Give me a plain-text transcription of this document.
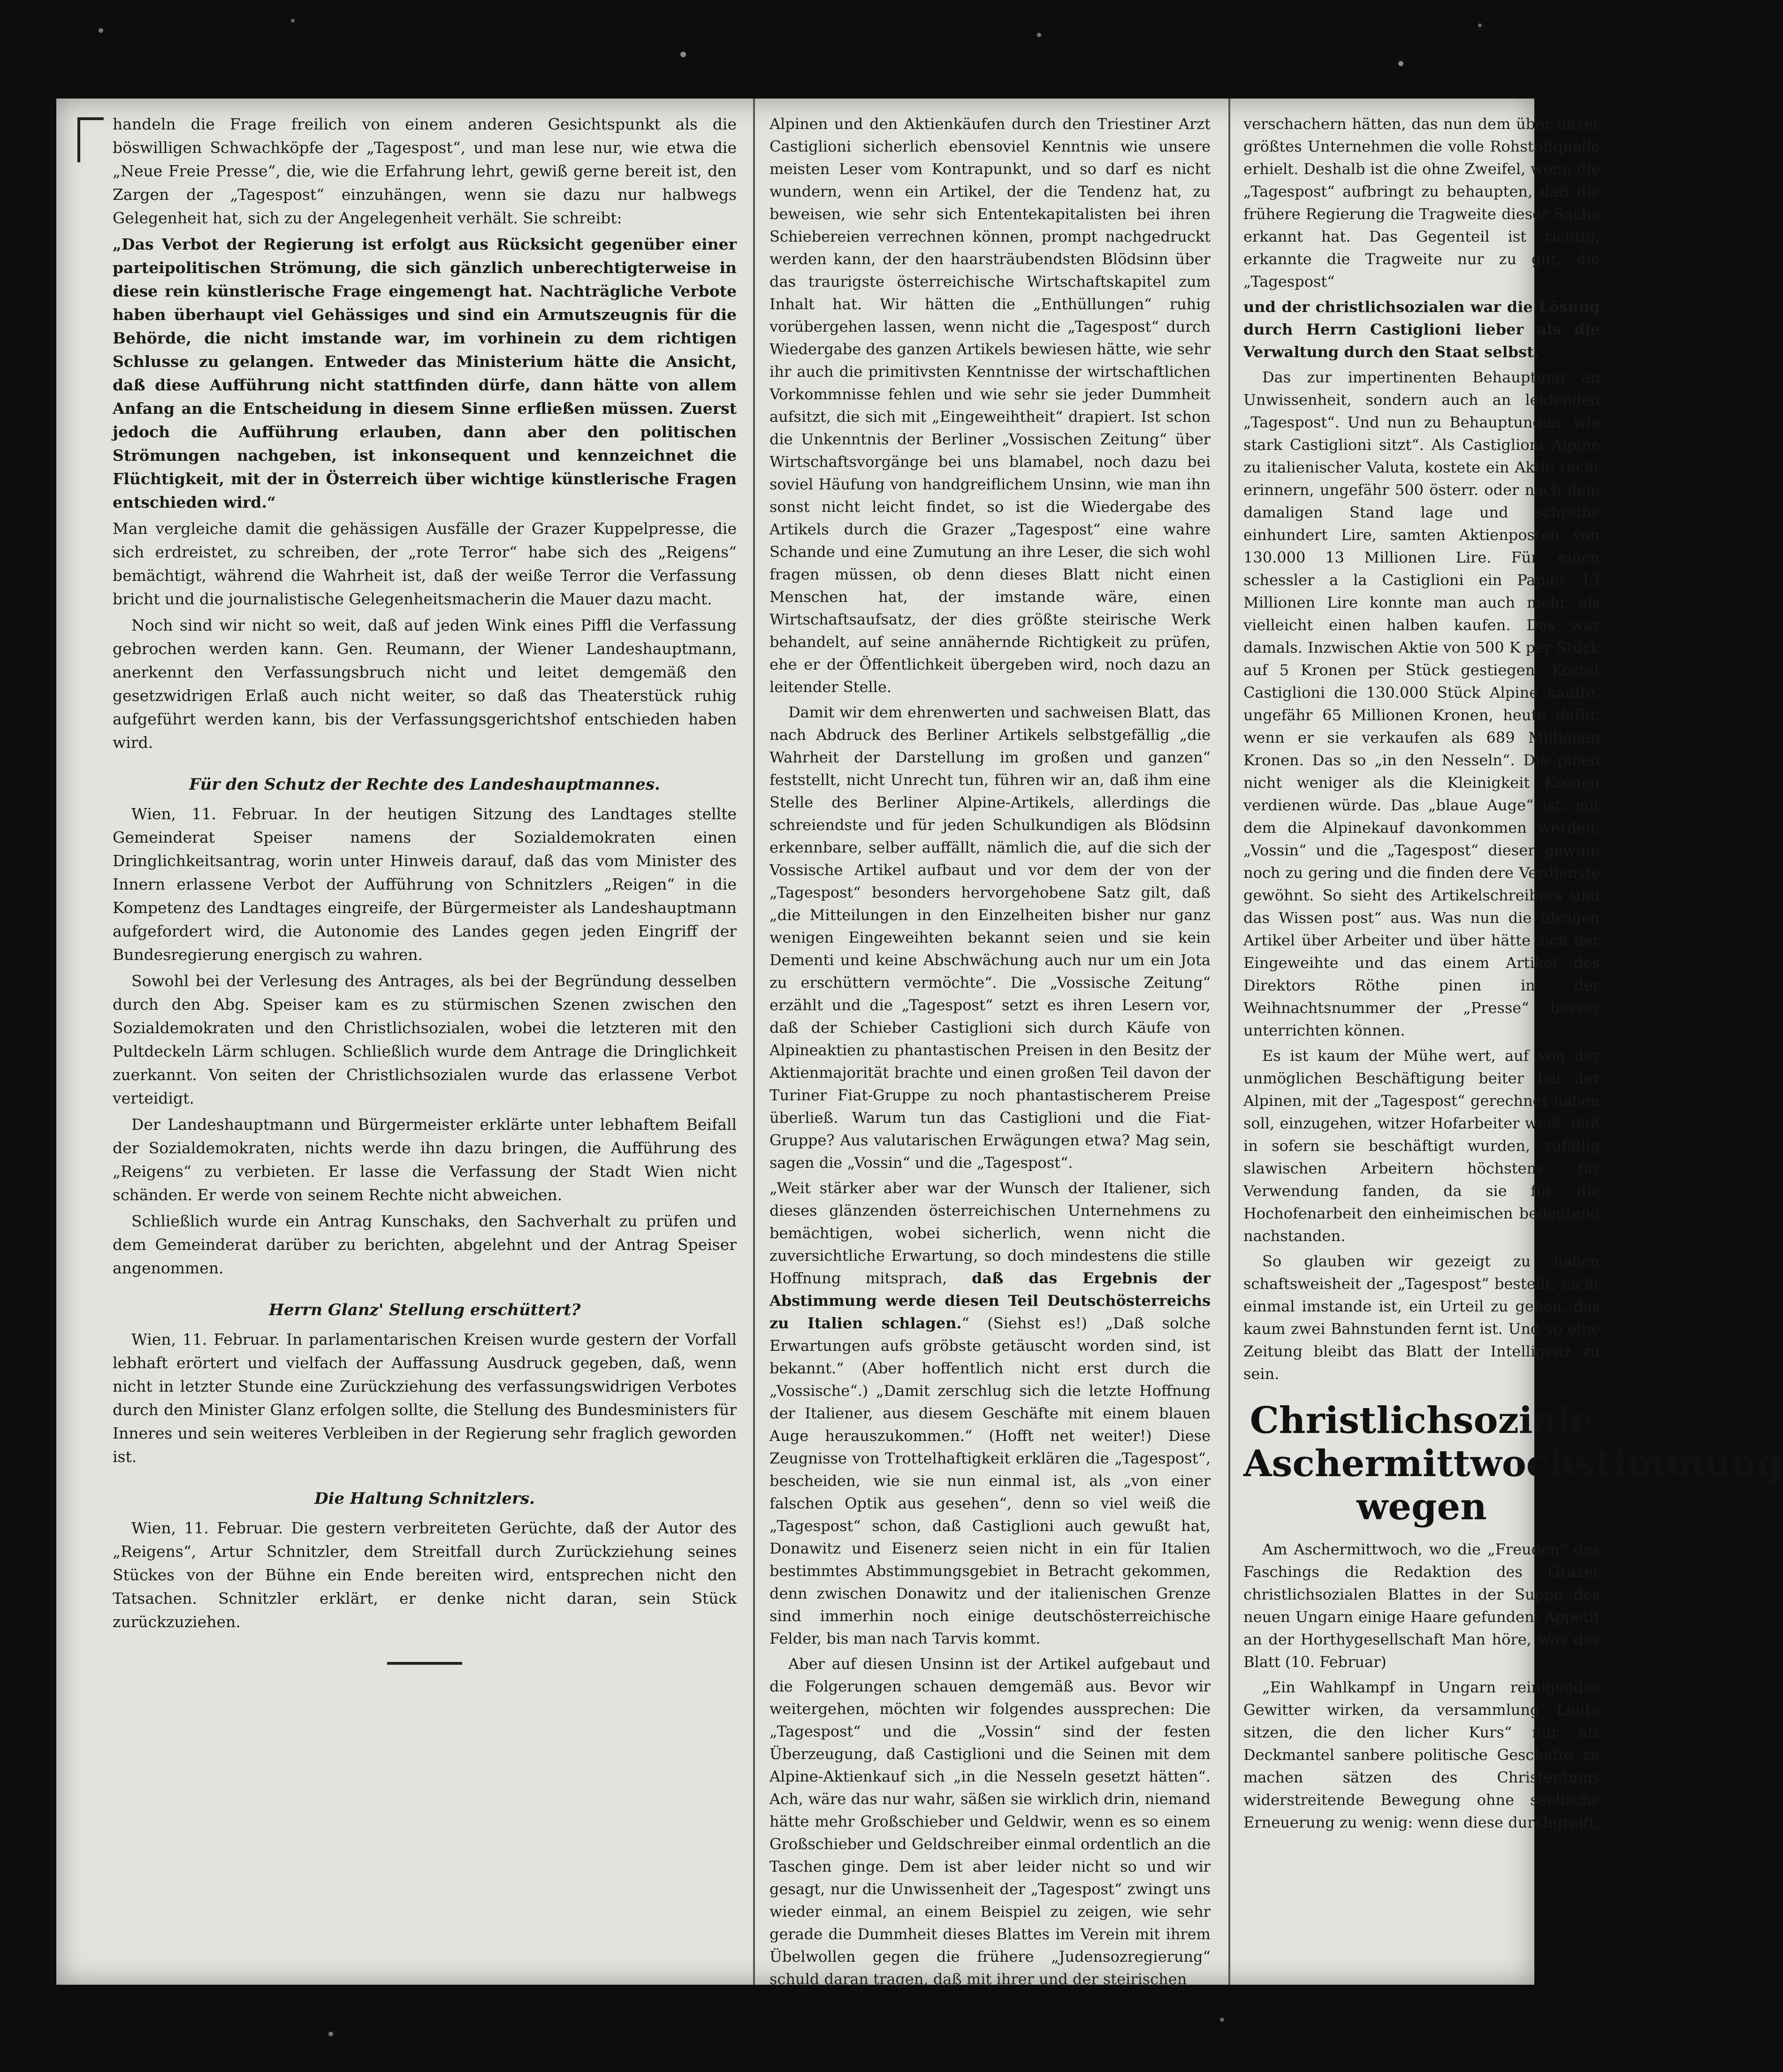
handeln die Frage freilich von einem anderen Gesichtspunkt als die böswilligen Schwachköpfe der „Tagespost“, und man lese nur, wie etwa die „Neue Freie Presse“, die, wie die Erfahrung lehrt, gewiß gerne bereit ist, den Zargen der „Tagespost“ einzuhängen, wenn sie dazu nur halbwegs Gelegenheit hat, sich zu der Angelegenheit verhält. Sie schreibt:

„Das Verbot der Regierung ist erfolgt aus Rücksicht gegenüber einer parteipolitischen Strömung, die sich gänzlich unberechtigterweise in diese rein künstlerische Frage eingemengt hat. Nachträgliche Verbote haben überhaupt viel Gehässiges und sind ein Armutszeugnis für die Behörde, die nicht imstande war, im vorhinein zu dem richtigen Schlusse zu gelangen. Entweder das Ministerium hätte die Ansicht, daß diese Aufführung nicht stattfinden dürfe, dann hätte von allem Anfang an die Entscheidung in diesem Sinne erfließen müssen. Zuerst jedoch die Aufführung erlauben, dann aber den politischen Strömungen nachgeben, ist inkonsequent und kennzeichnet die Flüchtigkeit, mit der in Österreich über wichtige künstlerische Fragen entschieden wird.“

Man vergleiche damit die gehässigen Ausfälle der Grazer Kuppelpresse, die sich erdreistet, zu schreiben, der „rote Terror“ habe sich des „Reigens“ bemächtigt, während die Wahrheit ist, daß der weiße Terror die Verfassung bricht und die journalistische Gelegenheitsmacherin die Mauer dazu macht.

Noch sind wir nicht so weit, daß auf jeden Wink eines Piffl die Verfassung gebrochen werden kann. Gen. Reumann, der Wiener Landeshauptmann, anerkennt den Verfassungsbruch nicht und leitet demgemäß den gesetzwidrigen Erlaß auch nicht weiter, so daß das Theaterstück ruhig aufgeführt werden kann, bis der Verfassungsgerichtshof entschieden haben wird.

Für den Schutz der Rechte des Landeshauptmannes.

Wien, 11. Februar. In der heutigen Sitzung des Landtages stellte Gemeinderat Speiser namens der Sozialdemokraten einen Dringlichkeitsantrag, worin unter Hinweis darauf, daß das vom Minister des Innern erlassene Verbot der Aufführung von Schnitzlers „Reigen“ in die Kompetenz des Landtages eingreife, der Bürgermeister als Landeshauptmann aufgefordert wird, die Autonomie des Landes gegen jeden Eingriff der Bundesregierung energisch zu wahren.

Sowohl bei der Verlesung des Antrages, als bei der Begründung desselben durch den Abg. Speiser kam es zu stürmischen Szenen zwischen den Sozialdemokraten und den Christlichsozialen, wobei die letzteren mit den Pultdeckeln Lärm schlugen. Schließlich wurde dem Antrage die Dringlichkeit zuerkannt. Von seiten der Christlichsozialen wurde das erlassene Verbot verteidigt.

Der Landeshauptmann und Bürgermeister erklärte unter lebhaftem Beifall der Sozialdemokraten, nichts werde ihn dazu bringen, die Aufführung des „Reigens“ zu verbieten. Er lasse die Verfassung der Stadt Wien nicht schänden. Er werde von seinem Rechte nicht abweichen.

Schließlich wurde ein Antrag Kunschaks, den Sachverhalt zu prüfen und dem Gemeinderat darüber zu berichten, abgelehnt und der Antrag Speiser angenommen.

Herrn Glanz' Stellung erschüttert?

Wien, 11. Februar. In parlamentarischen Kreisen wurde gestern der Vorfall lebhaft erörtert und vielfach der Auffassung Ausdruck gegeben, daß, wenn nicht in letzter Stunde eine Zurückziehung des verfassungswidrigen Verbotes durch den Minister Glanz erfolgen sollte, die Stellung des Bundesministers für Inneres und sein weiteres Verbleiben in der Regierung sehr fraglich geworden ist.

Die Haltung Schnitzlers.

Wien, 11. Februar. Die gestern verbreiteten Gerüchte, daß der Autor des „Reigens“, Artur Schnitzler, dem Streitfall durch Zurückziehung seines Stückes von der Bühne ein Ende bereiten wird, entsprechen nicht den Tatsachen. Schnitzler erklärt, er denke nicht daran, sein Stück zurückzuziehen.

Alpinen und den Aktienkäufen durch den Triestiner Arzt Castiglioni sicherlich ebensoviel Kenntnis wie unsere meisten Leser vom Kontrapunkt, und so darf es nicht wundern, wenn ein Artikel, der die Tendenz hat, zu beweisen, wie sehr sich Ententekapitalisten bei ihren Schiebereien verrechnen können, prompt nachgedruckt werden kann, der den haarsträubendsten Blödsinn über das traurigste österreichische Wirtschaftskapitel zum Inhalt hat. Wir hätten die „Enthüllungen“ ruhig vorübergehen lassen, wenn nicht die „Tagespost“ durch Wiedergabe des ganzen Artikels bewiesen hätte, wie sehr ihr auch die primitivsten Kenntnisse der wirtschaftlichen Vorkommnisse fehlen und wie sehr sie jeder Dummheit aufsitzt, die sich mit „Eingeweihtheit“ drapiert. Ist schon die Unkenntnis der Berliner „Vossischen Zeitung“ über Wirtschaftsvorgänge bei uns blamabel, noch dazu bei soviel Häufung von handgreiflichem Unsinn, wie man ihn sonst nicht leicht findet, so ist die Wiedergabe des Artikels durch die Grazer „Tagespost“ eine wahre Schande und eine Zumutung an ihre Leser, die sich wohl fragen müssen, ob denn dieses Blatt nicht einen Menschen hat, der imstande wäre, einen Wirtschaftsaufsatz, der dies größte steirische Werk behandelt, auf seine annähernde Richtigkeit zu prüfen, ehe er der Öffentlichkeit übergeben wird, noch dazu an leitender Stelle.

Damit wir dem ehrenwerten und sachweisen Blatt, das nach Abdruck des Berliner Artikels selbstgefällig „die Wahrheit der Darstellung im großen und ganzen“ feststellt, nicht Unrecht tun, führen wir an, daß ihm eine Stelle des Berliner Alpine-Artikels, allerdings die schreiendste und für jeden Schulkundigen als Blödsinn erkennbare, selber auffällt, nämlich die, auf die sich der Vossische Artikel aufbaut und vor dem der von der „Tagespost“ besonders hervorgehobene Satz gilt, daß „die Mitteilungen in den Einzelheiten bisher nur ganz wenigen Eingeweihten bekannt seien und sie kein Dementi und keine Abschwächung auch nur um ein Jota zu erschüttern vermöchte“. Die „Vossische Zeitung“ erzählt und die „Tagespost“ setzt es ihren Lesern vor, daß der Schieber Castiglioni sich durch Käufe von Alpineaktien zu phantastischen Preisen in den Besitz der Aktienmajorität brachte und einen großen Teil davon der Turiner Fiat-Gruppe zu noch phantastischerem Preise überließ. Warum tun das Castiglioni und die Fiat-Gruppe? Aus valutarischen Erwägungen etwa? Mag sein, sagen die „Vossin“ und die „Tagespost“.

„Weit stärker aber war der Wunsch der Italiener, sich dieses glänzenden österreichischen Unternehmens zu bemächtigen, wobei sicherlich, wenn nicht die zuversichtliche Erwartung, so doch mindestens die stille Hoffnung mitsprach, daß das Ergebnis der Abstimmung werde diesen Teil Deutschösterreichs zu Italien schlagen.“ (Siehst es!) „Daß solche Erwartungen aufs gröbste getäuscht worden sind, ist bekannt.“ (Aber hoffentlich nicht erst durch die „Vossische“.) „Damit zerschlug sich die letzte Hoffnung der Italiener, aus diesem Geschäfte mit einem blauen Auge herauszukommen.“ (Hofft net weiter!) Diese Zeugnisse von Trottelhaftigkeit erklären die „Tagespost“, bescheiden, wie sie nun einmal ist, als „von einer falschen Optik aus gesehen“, denn so viel weiß die „Tagespost“ schon, daß Castiglioni auch gewußt hat, Donawitz und Eisenerz seien nicht in ein für Italien bestimmtes Abstimmungsgebiet in Betracht gekommen, denn zwischen Donawitz und der italienischen Grenze sind immerhin noch einige deutschösterreichische Felder, bis man nach Tarvis kommt.

Aber auf diesen Unsinn ist der Artikel aufgebaut und die Folgerungen schauen demgemäß aus. Bevor wir weitergehen, möchten wir folgendes aussprechen: Die „Tagespost“ und die „Vossin“ sind der festen Überzeugung, daß Castiglioni und die Seinen mit dem Alpine-Aktienkauf sich „in die Nesseln gesetzt hätten“. Ach, wäre das nur wahr, säßen sie wirklich drin, niemand hätte mehr Großschieber und Geldwir, wenn es so einem Großschieber und Geldschreiber einmal ordentlich an die Taschen ginge. Dem ist aber leider nicht so und wir gesagt, nur die Unwissenheit der „Tagespost“ zwingt uns wieder einmal, an einem Beispiel zu zeigen, wie sehr gerade die Dummheit dieses Blattes im Verein mit ihrem Übelwollen gegen die frühere „Judensozregierung“ schuld daran tragen, daß mit ihrer und der steirischen

verschachern hätten, das nun dem über unser größtes Unternehmen die volle Rohstoffquelle erhielt. Deshalb ist die ohne Zweifel, wenn die „Tagespost“ aufbringt zu behaupten, daß die frühere Regierung die Tragweite dieser Sache erkannt hat. Das Gegenteil ist richtig, erkannte die Tragweite nur zu gut, die „Tagespost“

und der christlichsozialen war die Lösung durch Herrn Castiglioni lieber als die Verwaltung durch den Staat selbst.

Das zur impertinenten Behauptung an Unwissenheit, sondern auch an leidenden „Tagespost“. Und nun zu Behauptungen, wie stark Castiglioni sitzt“. Als Castiglioni Alpine zu italienischer Valuta, kostete ein Aktie recht erinnern, ungefähr 500 österr. oder nach dem damaligen Stand lage und schreibe einhundert Lire, samten Aktienposten von 130.000 13 Millionen Lire. Für einen schessler a la Castiglioni ein Papier 13 Millionen Lire konnte man auch mehr als vielleicht einen halben kaufen. Das war damals. Inzwischen Aktie von 500 K per Stück auf 5 Kronen per Stück gestiegen. Kostet Castiglioni die 130.000 Stück Alpine kaufte, ungefähr 65 Millionen Kronen, heute dafür, wenn er sie verkaufen als 689 Millionen Kronen. Das so „in den Nesseln“. Die pinen nicht weniger als die Kleinigkeit Kronen verdienen würde. Das „blaue Auge“ ist, mit dem die Alpinekauf davonkommen werden, „Vossin“ und die „Tagespost“ dieser gewinn noch zu gering und die finden dere Verdienste gewöhnt. So sieht des Artikelschreibers und das Wissen post“ aus. Was nun die übrigen Artikel über Arbeiter und über hätte sich der Eingeweihte und das einem Artikel des Direktors Röthe pinen in der Weihnachtsnummer der „Presse“ besser unterrichten können.

Es ist kaum der Mühe wert, auf von der unmöglichen Beschäftigung beiter bei der Alpinen, mit der „Tagespost“ gerechnet haben soll, einzugehen, witzer Hofarbeiter weiß, daß in sofern sie beschäftigt wurden, zufällig slawischen Arbeitern höchstens für Verwendung fanden, da sie für die Hochofenarbeit den einheimischen bedeutend nachstanden.

So glauben wir gezeigt zu haben schaftsweisheit der „Tagespost“ bestellt, nicht einmal imstande ist, ein Urteil zu geben, das kaum zwei Bahnstunden fernt ist. Und so eine Zeitung bleibt das Blatt der Intelligenz zu sein.

Christlichsoziale Aschermittwochstimmung wegen

Am Aschermittwoch, wo die „Freuden“ des Faschings die Redaktion des Grazer christlichsozialen Blattes in der Suppe des neuen Ungarn einige Haare gefunden, Appetit an der Horthygesellschaft Man höre, was das Blatt (10. Februar)

„Ein Wahlkampf in Ungarn reinigendes Gewitter wirken, da versammlung Leute sitzen, die den licher Kurs“ nur als Deckmantel sanbere politische Geschäfte zu machen sätzen des Christentums widerstreitende Bewegung ohne seelische Erneuerung zu wenig: wenn diese durchgreift,
